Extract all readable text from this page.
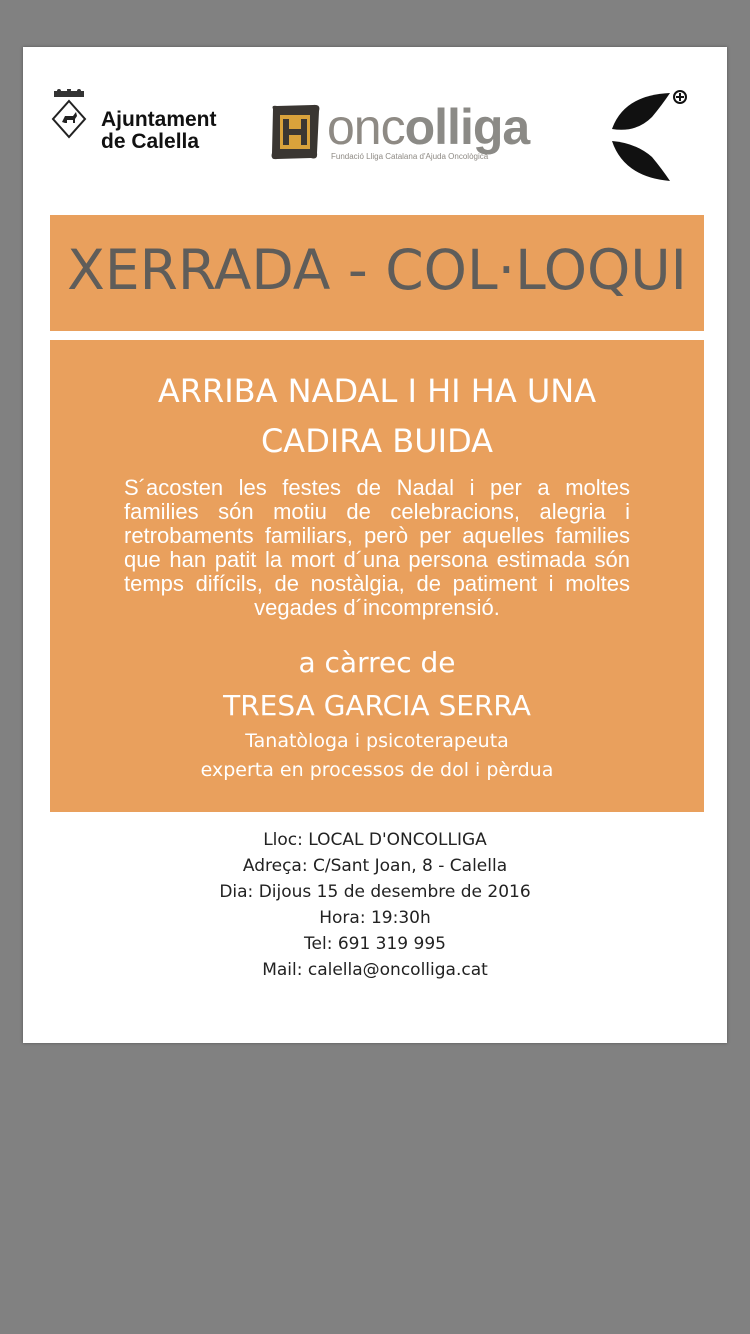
Ajuntament
de Calella	oncolliga
Fundació Lliga Catalana d'Ajuda Oncològica
XERRADA - COL·LOQUI
ARRIBA NADAL I HI HA UNA
CADIRA BUIDA
S´acosten les festes de Nadal i per a moltes families són motiu de celebracions, alegria i retrobaments familiars, però per aquelles families que han patit la mort d´una persona estimada són temps difícils, de nostàlgia, de patiment i moltes vegades d´incomprensió.
a càrrec de
TRESA GARCIA SERRA
Tanatòloga i psicoterapeuta
experta en processos de dol i pèrdua
Lloc: LOCAL D'ONCOLLIGA
Adreça: C/Sant Joan, 8 - Calella
Dia: Dijous 15 de desembre de 2016
Hora: 19:30h
Tel: 691 319 995
Mail: calella@oncolliga.cat
